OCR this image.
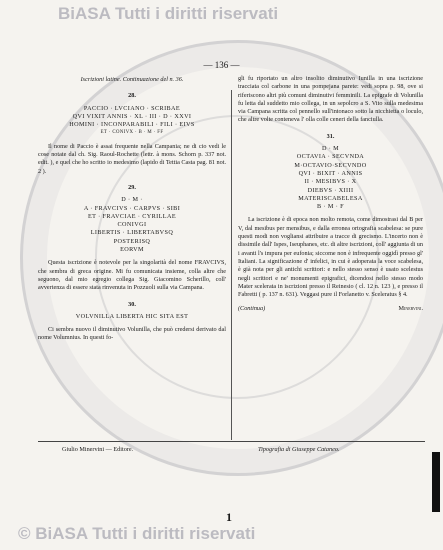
BiASA Tutti i diritti riservati
— 136 —
Iscrizioni latine. Continuazione del n. 36.
28.
PACCIO · LVCIANO · SCRIBAE
QVI VIXIT ANNIS · XL · III · D · XXVI
HOMINI · INCONPARABILI · FILI · EIVS
ET · CONIVX · B · M · FF

Il nome di Paccio è assai frequente nella Campania; ne di cio vedi le cose notate dal ch. Sig. Raoul-Rochette (lettr. à mons. Schorn p. 337 not. edit. ), e quel che ho scritto io medesimo (lapido di Tettia Casta pag. 81 not. 2 ).

29.
D · M ·
A · FRAVCIVS · CARPVS · SIBI
ET · FRAVCIAE · CYRILLAE
CONIVGI
LIBERTIS · LIBERTABVSQ
POSTERISQ
EORVM

Questa iscrizione è notevole per la singolarità del nome FRAVCIVS, che sembra di greca origine. Mi fu comunicata insieme, colla altre che seguono, dal mio egregio collega Sig. Giacomino Scherillo, coll' avvertenza di essere stata rinvenuta in Pozzuoli sulla via Campana.

30.
VOLVNILLA LIBERTA HIC SITA EST

Ci sembra nuovo il diminutivo Volunilla, che può credersi derivato dal nome Volumnius. In questi fo-

gli fu riportato un altro insolito diminutivo Iunilla in una iscrizione tracciata col carbone in una pompejana parete: vedi sopra p. 98, ove si riferiscono altri più comuni diminutivi femminili. La epigrafe di Volunilla fu letta dal suddetto mio collega, in un sepolcro a S. Vito sulla medesima via Campana scritta col pennello sull'intonaco sotto la nicchietta o loculo, che altre volte conteneva l' olla colle ceneri della fanciulla.

31.
D · M
OCTAVIA · SECVNDA
M·OCTAVIO·SECVNDO
QVI · BIXIT · ANNIS
II · MESIBVS · X
DIEBVS · XIIII
MATERISCABELESA
B · M · F

La iscrizione è di epoca non molto remota, come dimostrasi dal B per V, dal mesibus per mensibus, e dalla erronea ortografia scabelesa: se pure questi modi non vogliansi attribuire a tracce di grecismo. L'incerto non è dissimile dall' Ispes, Iseuphanes, etc. di altre iscrizioni, coll' aggiunta di un i avanti l's impura per eufonia; siccome non è infrequente oggidì presso gl' Italiani. La significazione d' infelici, in cui è adoperata la voce scabelesa, è già nota per gli antichi scrittori: e nello stesso senso è usato scelestus negli scrittori e ne' monumenti epigrafici, dicendosi nello stesso modo Mater scelerata in iscrizioni presso il Reinesio ( cl. 12 n. 123 ), e presso il Fabretti ( p. 137 n. 631). Veggasi pure il Forlanetto v. Sceleratus § 4.

(Continua)	Minervini.
Giulio Minervini — Editore.	Tipografia di Giuseppe Cataneo.
1
© BiASA Tutti i diritti riservati
